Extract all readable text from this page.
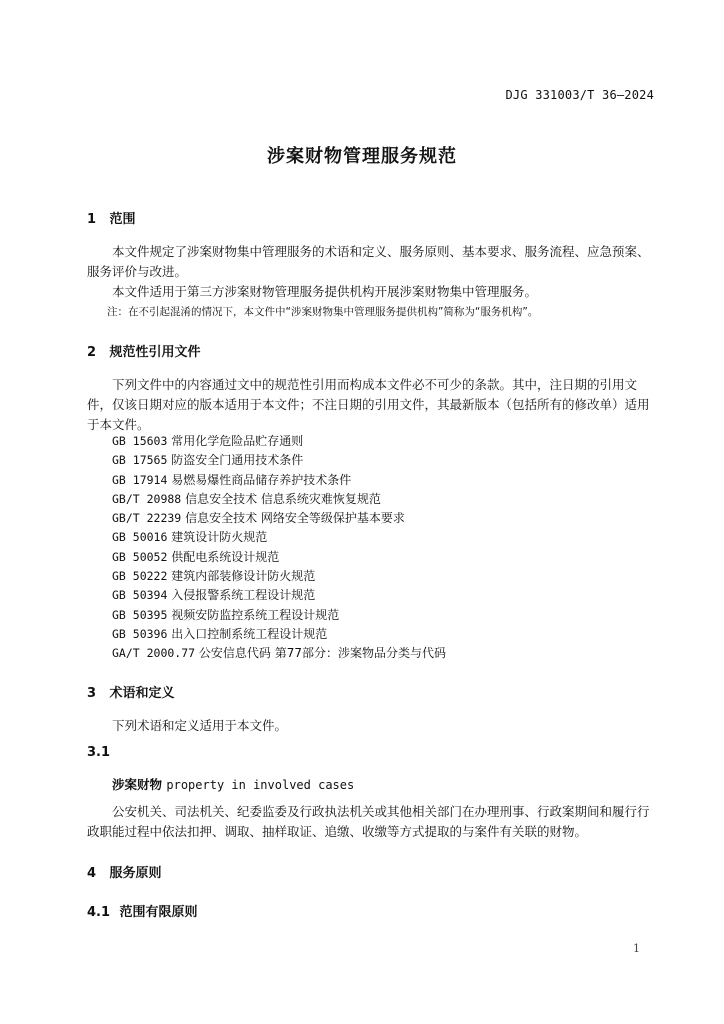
DJG 331003/T 36—2024
涉案财物管理服务规范
1 范围
本文件规定了涉案财物集中管理服务的术语和定义、服务原则、基本要求、服务流程、应急预案、服务评价与改进。
本文件适用于第三方涉案财物管理服务提供机构开展涉案财物集中管理服务。
注：在不引起混淆的情况下，本文件中“涉案财物集中管理服务提供机构”简称为“服务机构”。
2 规范性引用文件
下列文件中的内容通过文中的规范性引用而构成本文件必不可少的条款。其中，注日期的引用文件，仅该日期对应的版本适用于本文件；不注日期的引用文件，其最新版本（包括所有的修改单）适用于本文件。
GB 15603 常用化学危险品贮存通则
GB 17565 防盗安全门通用技术条件
GB 17914 易燃易爆性商品储存养护技术条件
GB/T 20988 信息安全技术 信息系统灾难恢复规范
GB/T 22239 信息安全技术 网络安全等级保护基本要求
GB 50016 建筑设计防火规范
GB 50052 供配电系统设计规范
GB 50222 建筑内部装修设计防火规范
GB 50394 入侵报警系统工程设计规范
GB 50395 视频安防监控系统工程设计规范
GB 50396 出入口控制系统工程设计规范
GA/T 2000.77 公安信息代码 第77部分：涉案物品分类与代码
3 术语和定义
下列术语和定义适用于本文件。
3.1
涉案财物 property in involved cases
公安机关、司法机关、纪委监委及行政执法机关或其他相关部门在办理刑事、行政案期间和履行行政职能过程中依法扣押、调取、抽样取证、追缴、收缴等方式提取的与案件有关联的财物。
4 服务原则
4.1 范围有限原则
1
